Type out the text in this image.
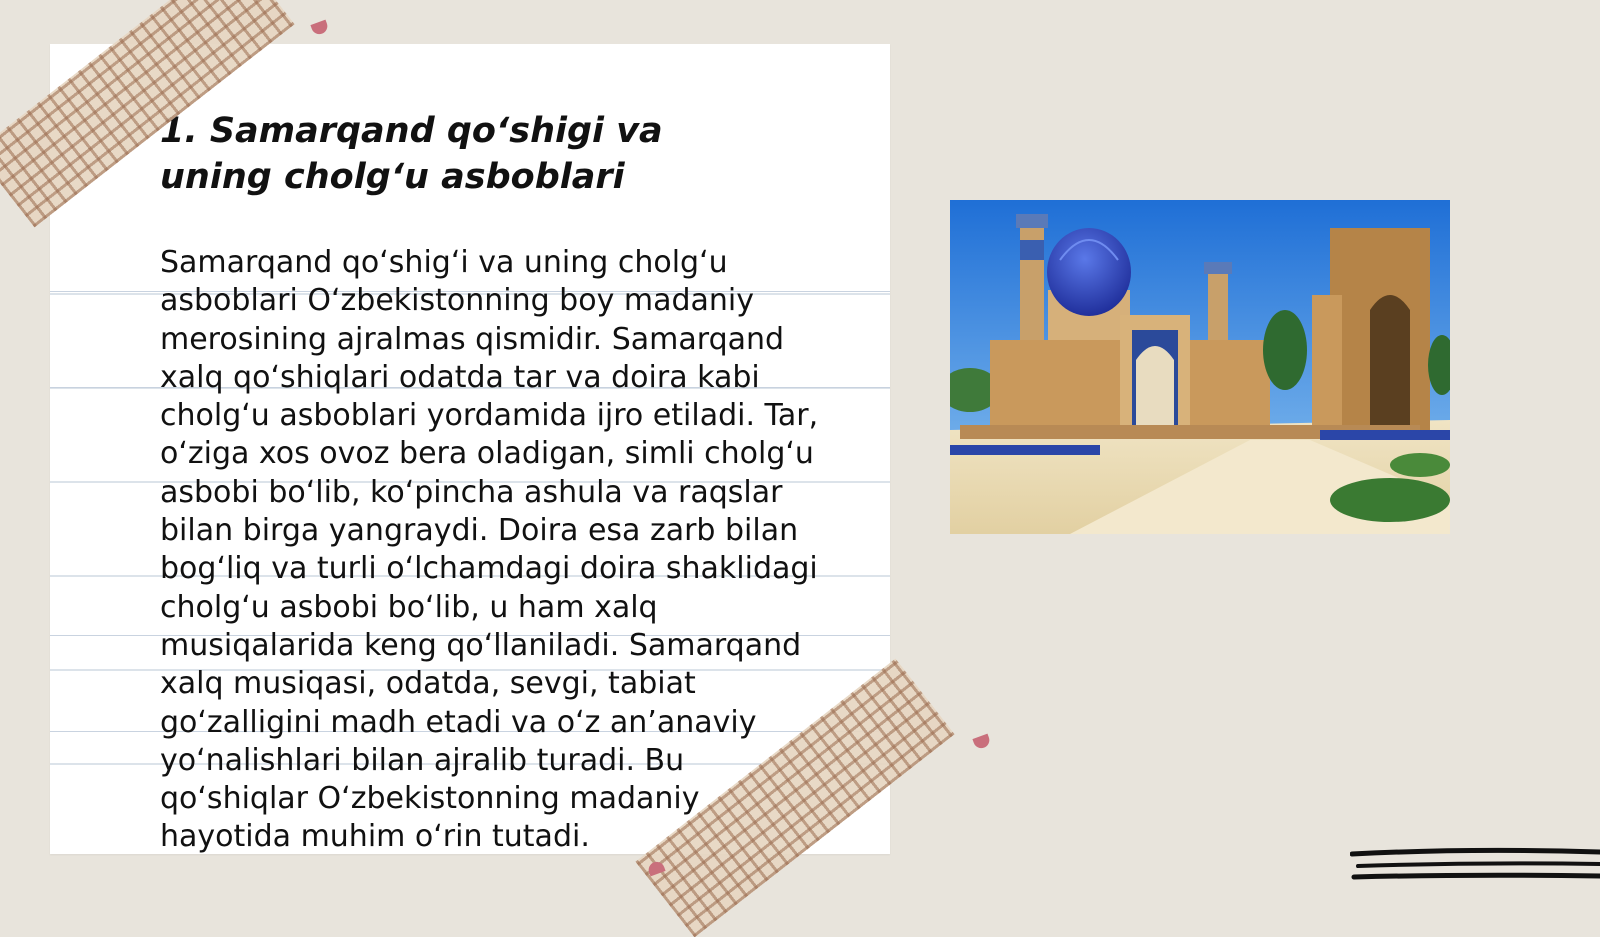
1. Samarqand qo‘shigi va uning cholg‘u asboblari

Samarqand qo‘shig‘i va uning cholg‘u asboblari O‘zbekistonning boy madaniy merosining ajralmas qismidir. Samarqand xalq qo‘shiqlari odatda tar va doira kabi cholg‘u asboblari yordamida ijro etiladi. Tar, o‘ziga xos ovoz bera oladigan, simli cholg‘u asbobi bo‘lib, ko‘pincha ashula va raqslar bilan birga yangraydi. Doira esa zarb bilan bog‘liq va turli o‘lchamdagi doira shaklidagi cholg‘u asbobi bo‘lib, u ham xalq musiqalarida keng qo‘llaniladi. Samarqand xalq musiqasi, odatda, sevgi, tabiat go‘zalligini madh etadi va o‘z an’anaviy yo‘nalishlari bilan ajralib turadi. Bu qo‘shiqlar O‘zbekistonning madaniy hayotida muhim o‘rin tutadi.
